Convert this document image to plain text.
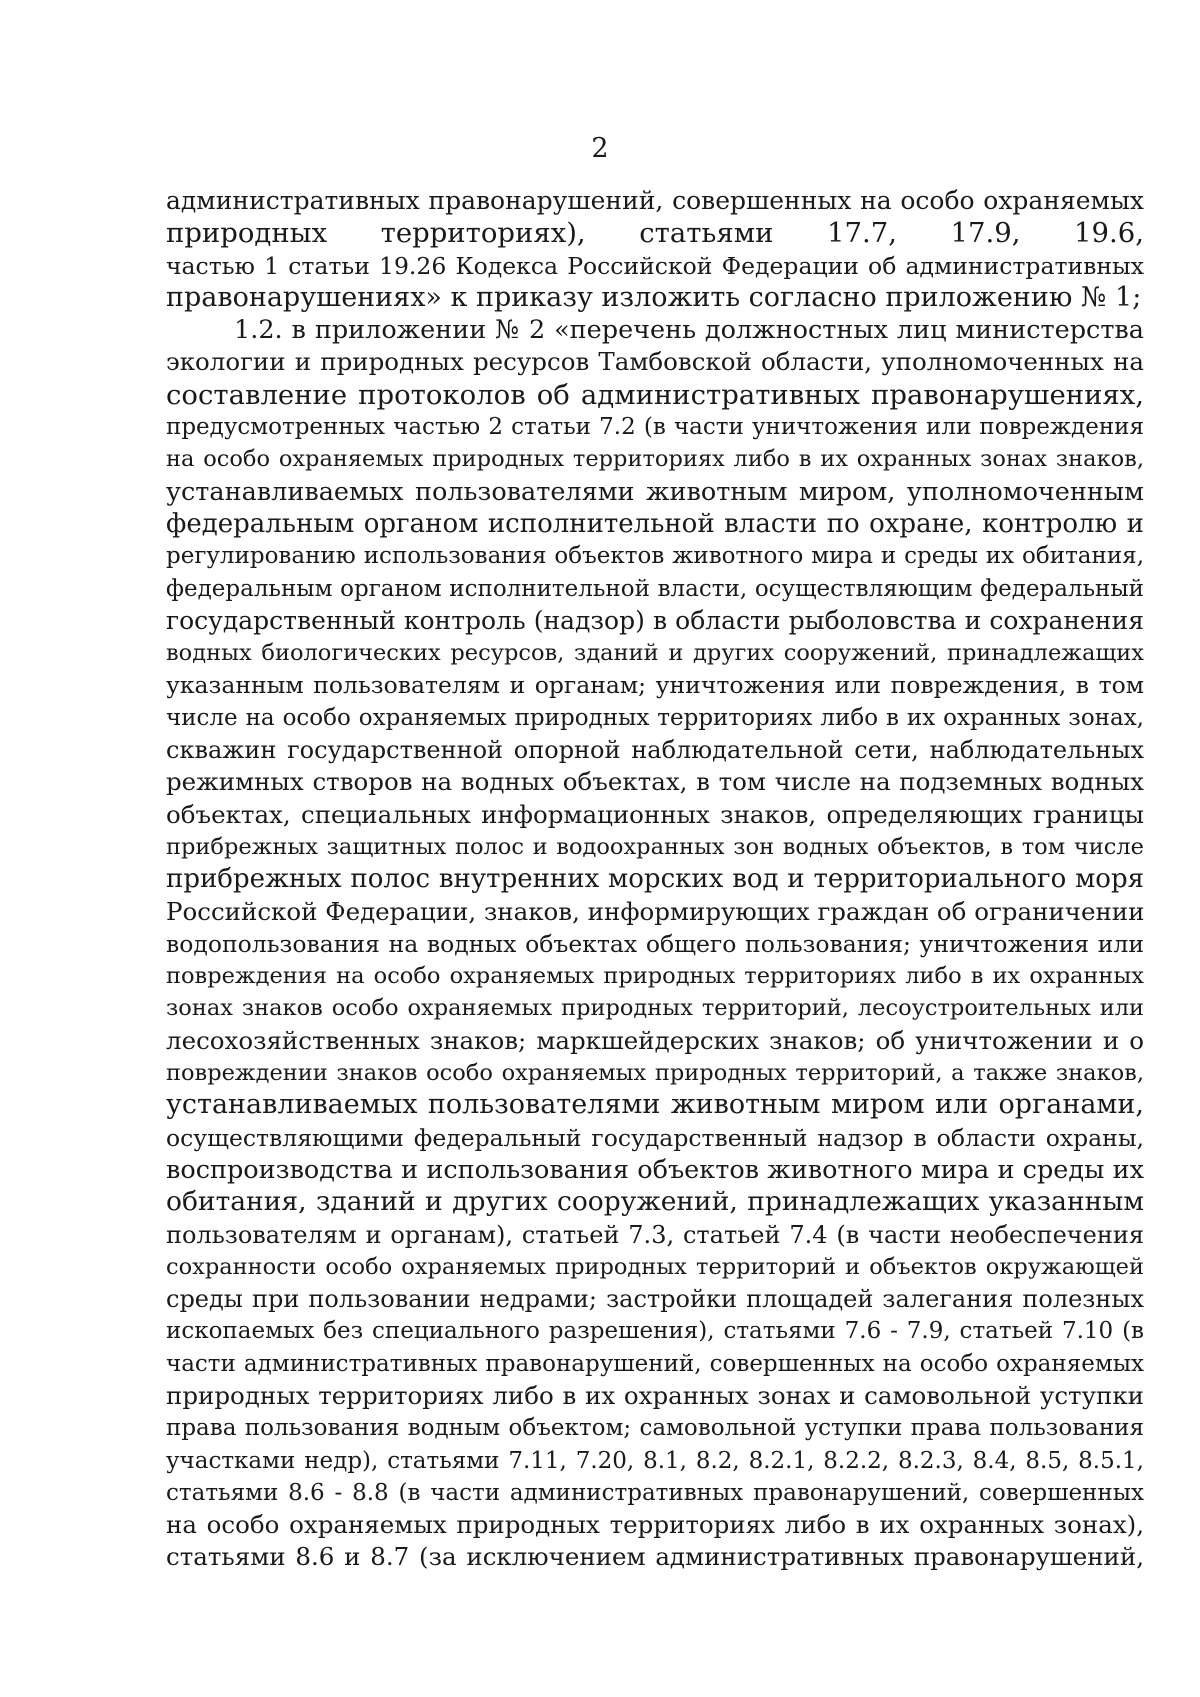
2
административных правонарушений, совершенных на особо охраняемых
природных территориях), статьями 17.7, 17.9, 19.6,
частью 1 статьи 19.26 Кодекса Российской Федерации об административных
правонарушениях» к приказу изложить согласно приложению № 1;
1.2. в приложении № 2 «перечень должностных лиц министерства
экологии и природных ресурсов Тамбовской области, уполномоченных на
составление протоколов об административных правонарушениях,
предусмотренных частью 2 статьи 7.2 (в части уничтожения или повреждения
на особо охраняемых природных территориях либо в их охранных зонах знаков,
устанавливаемых пользователями животным миром, уполномоченным
федеральным органом исполнительной власти по охране, контролю и
регулированию использования объектов животного мира и среды их обитания,
федеральным органом исполнительной власти, осуществляющим федеральный
государственный контроль (надзор) в области рыболовства и сохранения
водных биологических ресурсов, зданий и других сооружений, принадлежащих
указанным пользователям и органам; уничтожения или повреждения, в том
числе на особо охраняемых природных территориях либо в их охранных зонах,
скважин государственной опорной наблюдательной сети, наблюдательных
режимных створов на водных объектах, в том числе на подземных водных
объектах, специальных информационных знаков, определяющих границы
прибрежных защитных полос и водоохранных зон водных объектов, в том числе
прибрежных полос внутренних морских вод и территориального моря
Российской Федерации, знаков, информирующих граждан об ограничении
водопользования на водных объектах общего пользования; уничтожения или
повреждения на особо охраняемых природных территориях либо в их охранных
зонах знаков особо охраняемых природных территорий, лесоустроительных или
лесохозяйственных знаков; маркшейдерских знаков; об уничтожении и о
повреждении знаков особо охраняемых природных территорий, а также знаков,
устанавливаемых пользователями животным миром или органами,
осуществляющими федеральный государственный надзор в области охраны,
воспроизводства и использования объектов животного мира и среды их
обитания, зданий и других сооружений, принадлежащих указанным
пользователям и органам), статьей 7.3, статьей 7.4 (в части необеспечения
сохранности особо охраняемых природных территорий и объектов окружающей
среды при пользовании недрами; застройки площадей залегания полезных
ископаемых без специального разрешения), статьями 7.6 - 7.9, статьей 7.10 (в
части административных правонарушений, совершенных на особо охраняемых
природных территориях либо в их охранных зонах и самовольной уступки
права пользования водным объектом; самовольной уступки права пользования
участками недр), статьями 7.11, 7.20, 8.1, 8.2, 8.2.1, 8.2.2, 8.2.3, 8.4, 8.5, 8.5.1,
статьями 8.6 - 8.8 (в части административных правонарушений, совершенных
на особо охраняемых природных территориях либо в их охранных зонах),
статьями 8.6 и 8.7 (за исключением административных правонарушений,
